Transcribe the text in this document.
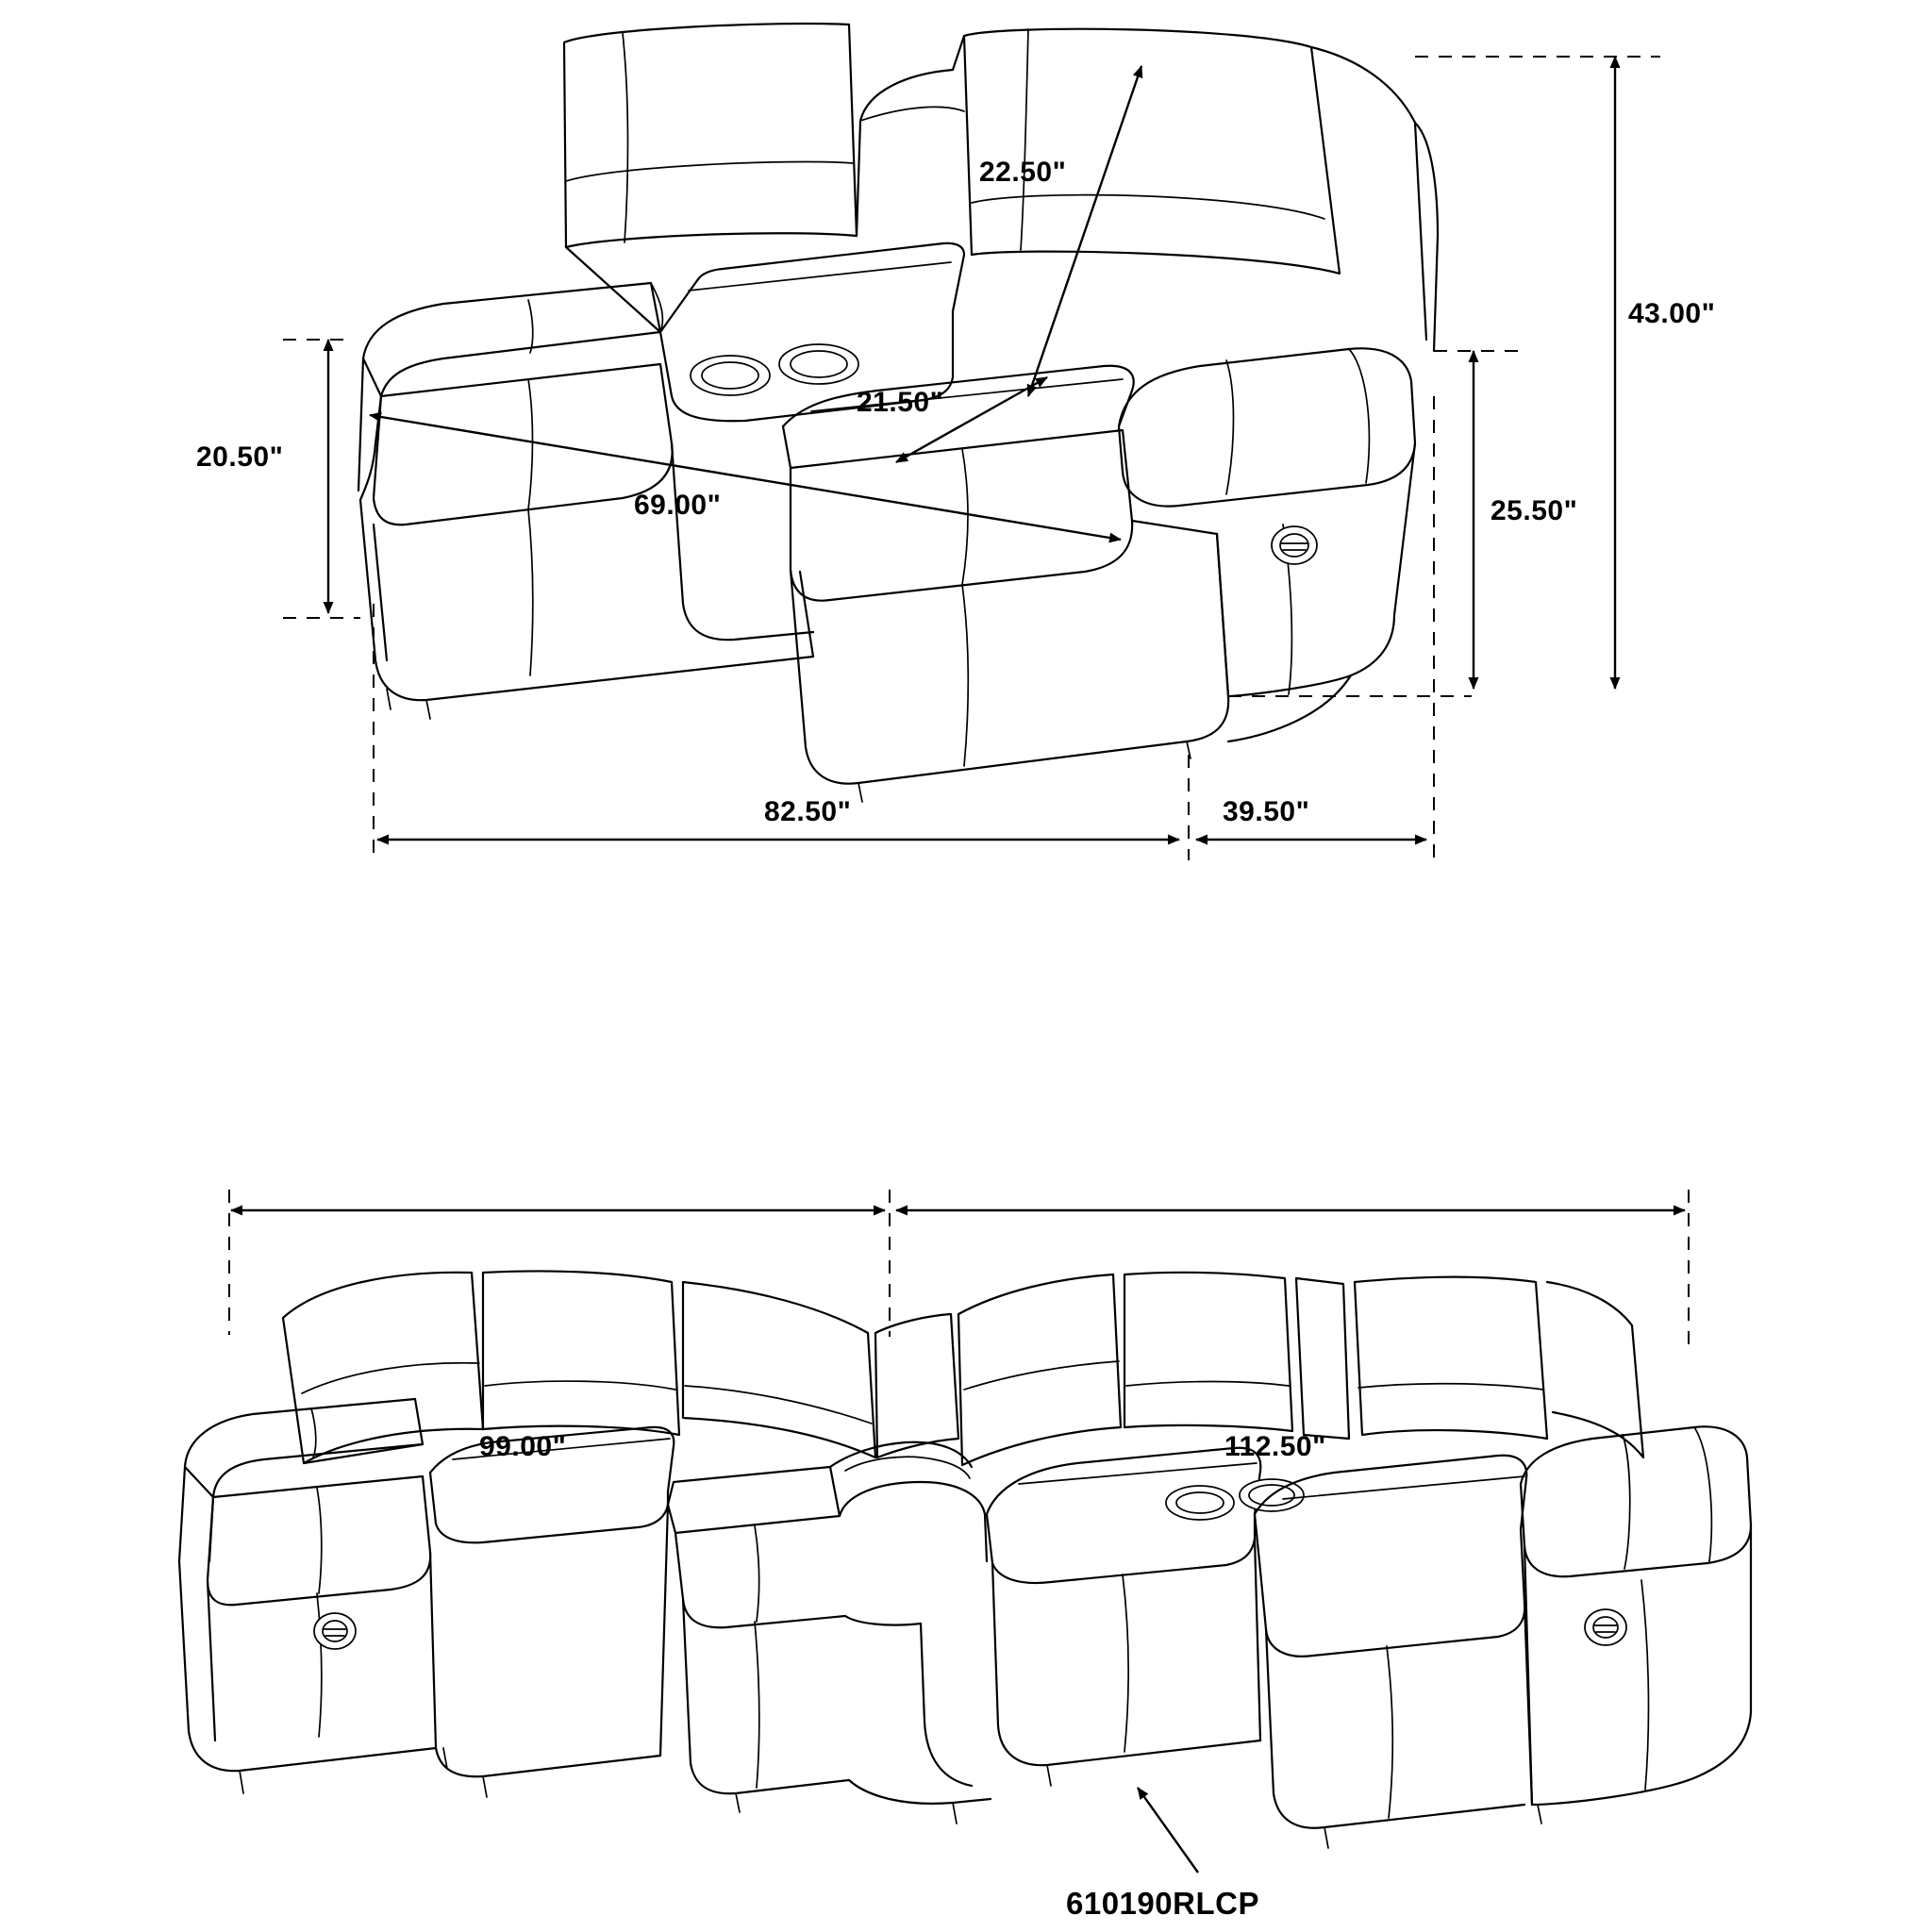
22.50"
43.00"
20.50"
21.50"
25.50"
69.00"
82.50"	39.50"
99.00"	112.50"
610190RLCP
